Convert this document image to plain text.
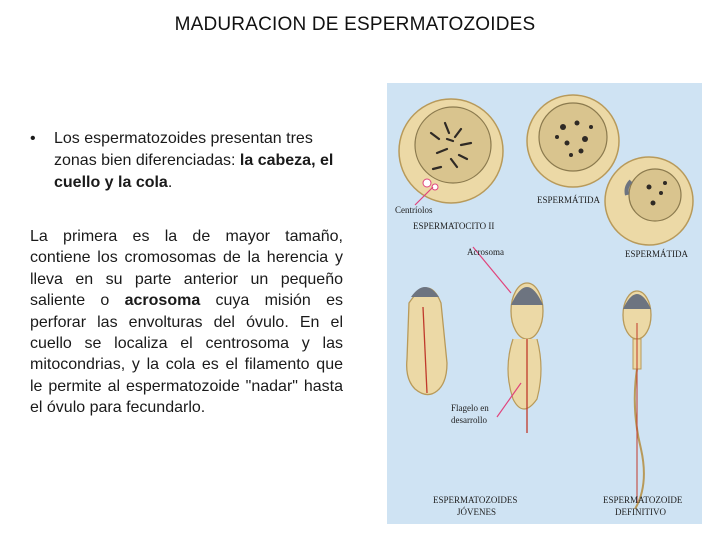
MADURACION DE ESPERMATOZOIDES
• Los espermatozoides presentan tres zonas bien diferenciadas: la cabeza, el cuello y la cola.
La primera es la de mayor tamaño, contiene los cromosomas de la herencia y lleva en su parte anterior un pequeño saliente o acrosoma cuya misión es perforar las envolturas del óvulo. En el cuello se localiza el centrosoma y las mitocondrias, y la cola es el filamento que le permite al espermatozoide "nadar" hasta el óvulo para fecundarlo.
Centríolos
ESPERMATOCITO II
ESPERMÁTIDA
ESPERMÁTIDA
Acrosoma
Flagelo en
desarrollo
ESPERMATOZOIDES
JÓVENES
ESPERMATOZOIDE
DEFINITIVO
